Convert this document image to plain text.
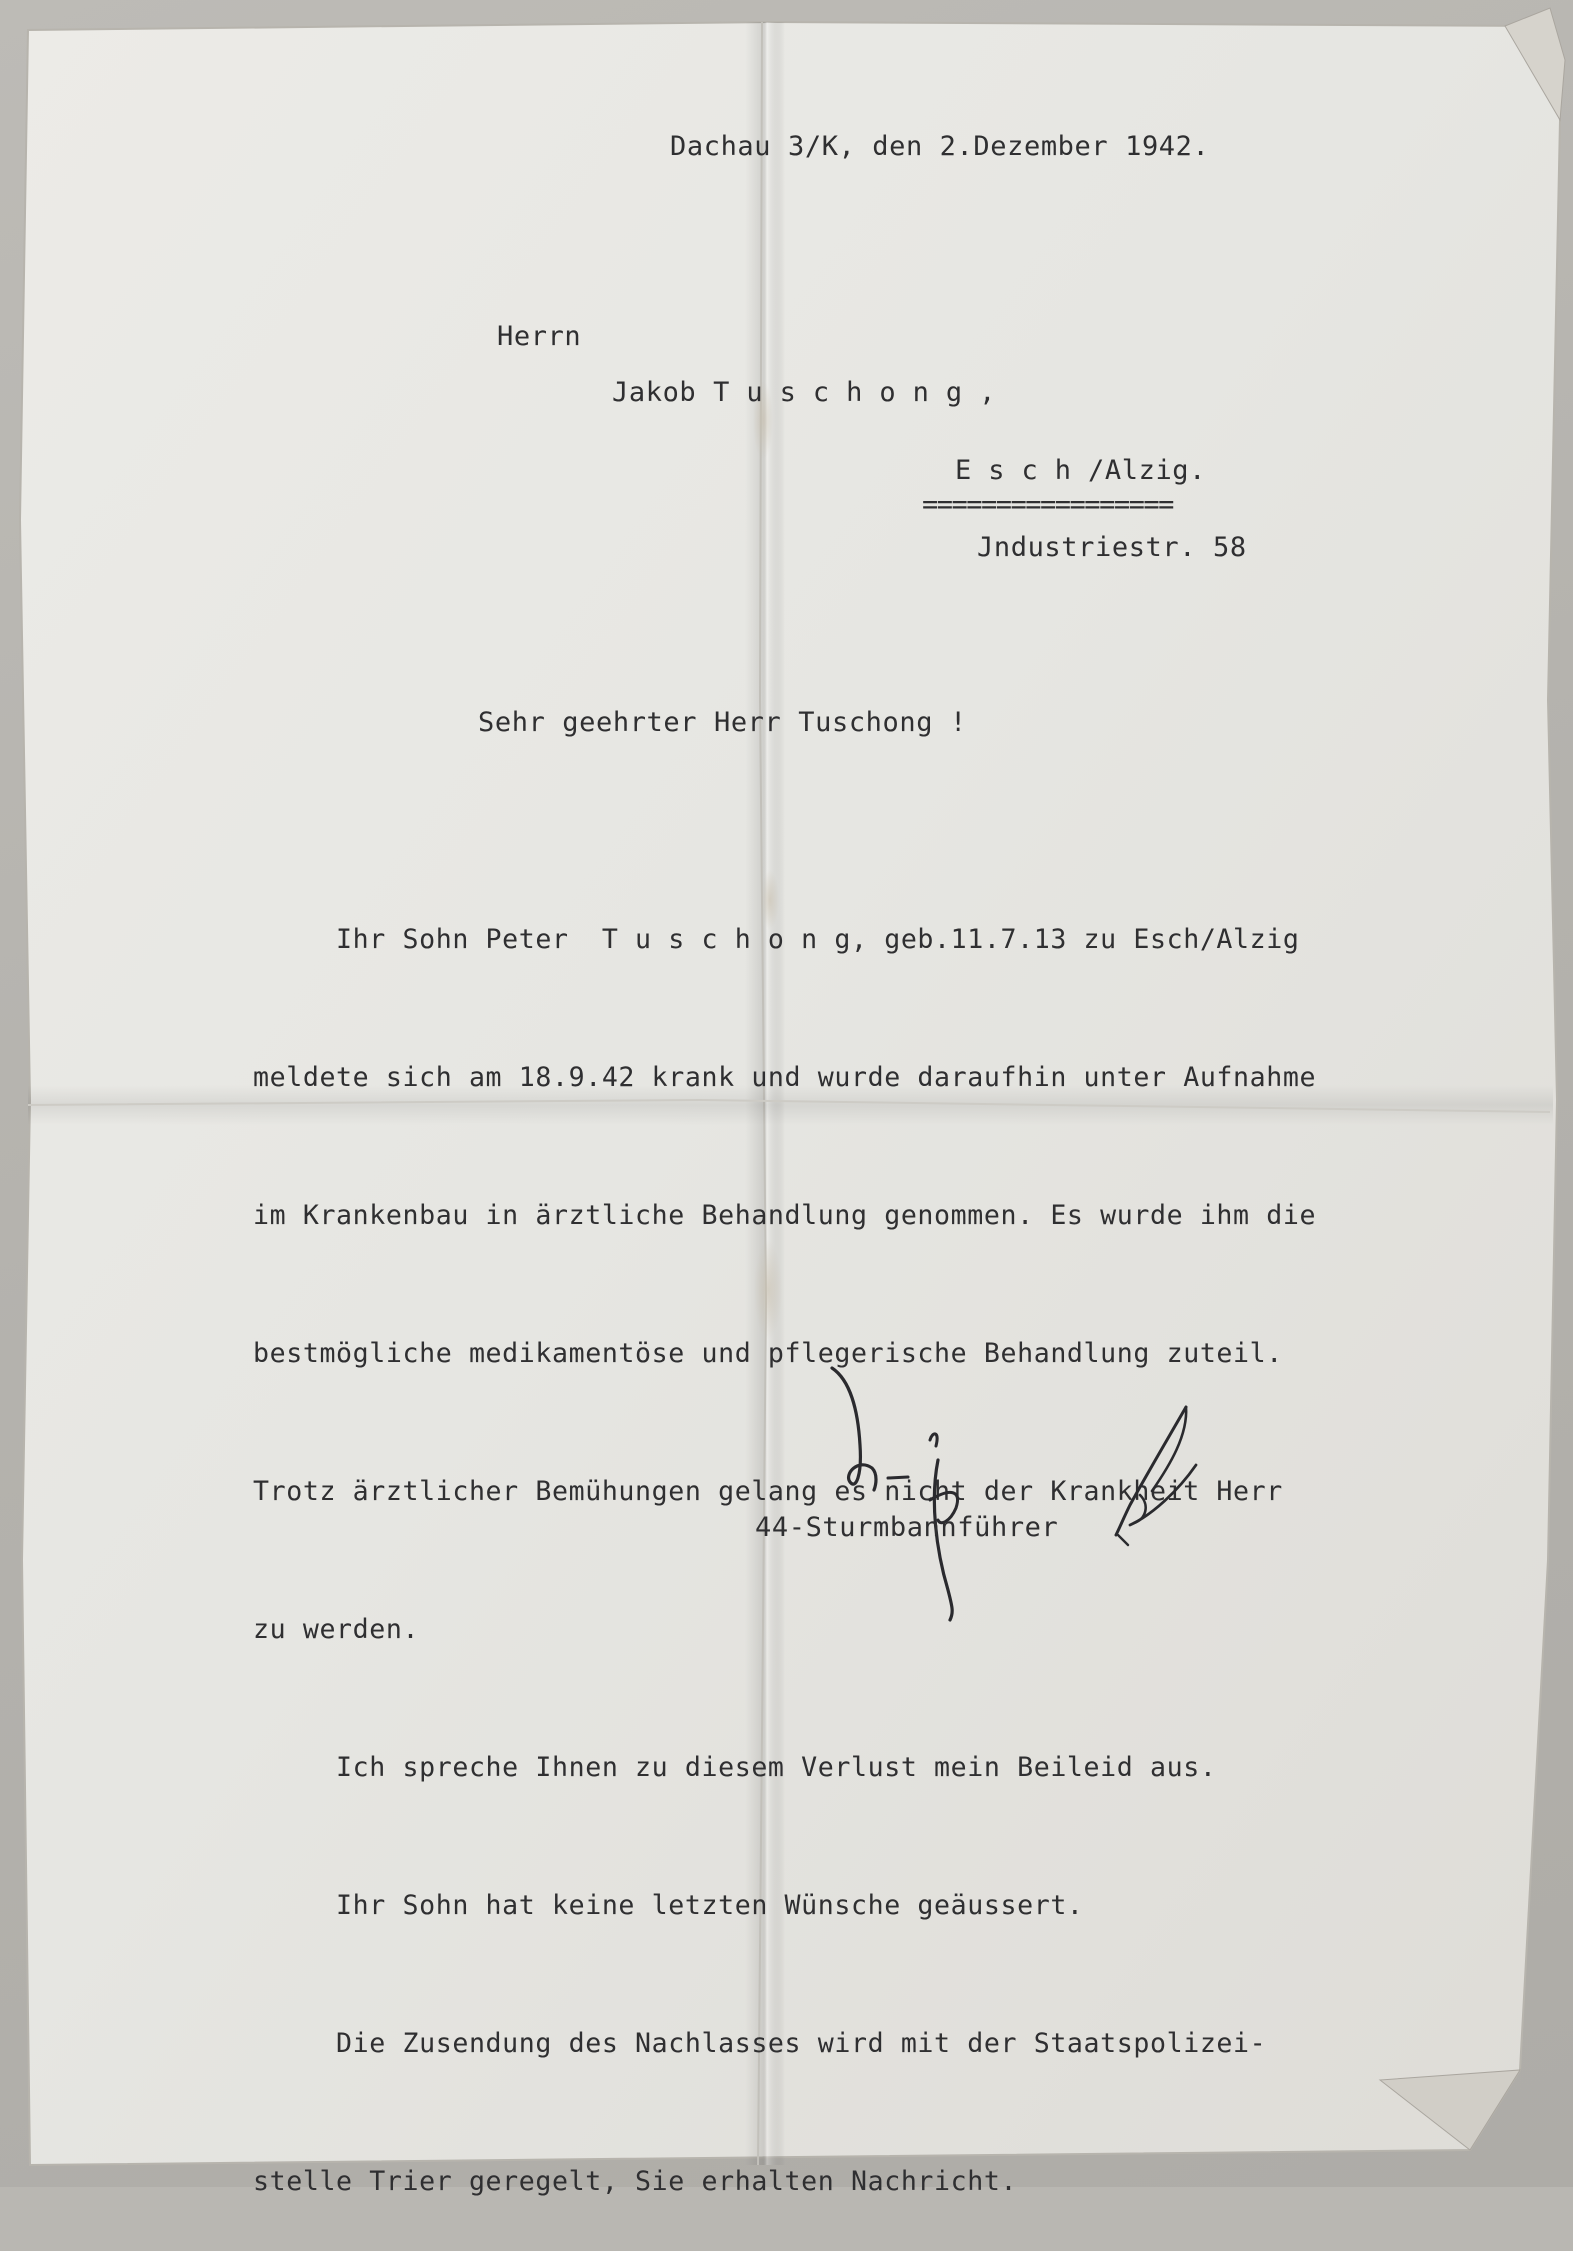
Dachau 3/K, den 2.Dezember 1942.
Herrn
Jakob Tuschong,
Esch/Alzig.
=================
Jndustriestr. 58
Sehr geehrter Herr Tuschong !

Ihr Sohn Peter  T u s c h o n g, geb.11.7.13 zu Esch/Alzig

meldete sich am 18.9.42 krank und wurde daraufhin unter Aufnahme

im Krankenbau in ärztliche Behandlung genommen. Es wurde ihm die

bestmögliche medikamentöse und pflegerische Behandlung zuteil.

Trotz ärztlicher Bemühungen gelang es nicht der Krankheit Herr

zu werden.

Ich spreche Ihnen zu diesem Verlust mein Beileid aus.

Ihr Sohn hat keine letzten Wünsche geäussert.

Die Zusendung des Nachlasses wird mit der Staatspolizei-

stelle Trier geregelt, Sie erhalten Nachricht.

44-Sturmbannführer
